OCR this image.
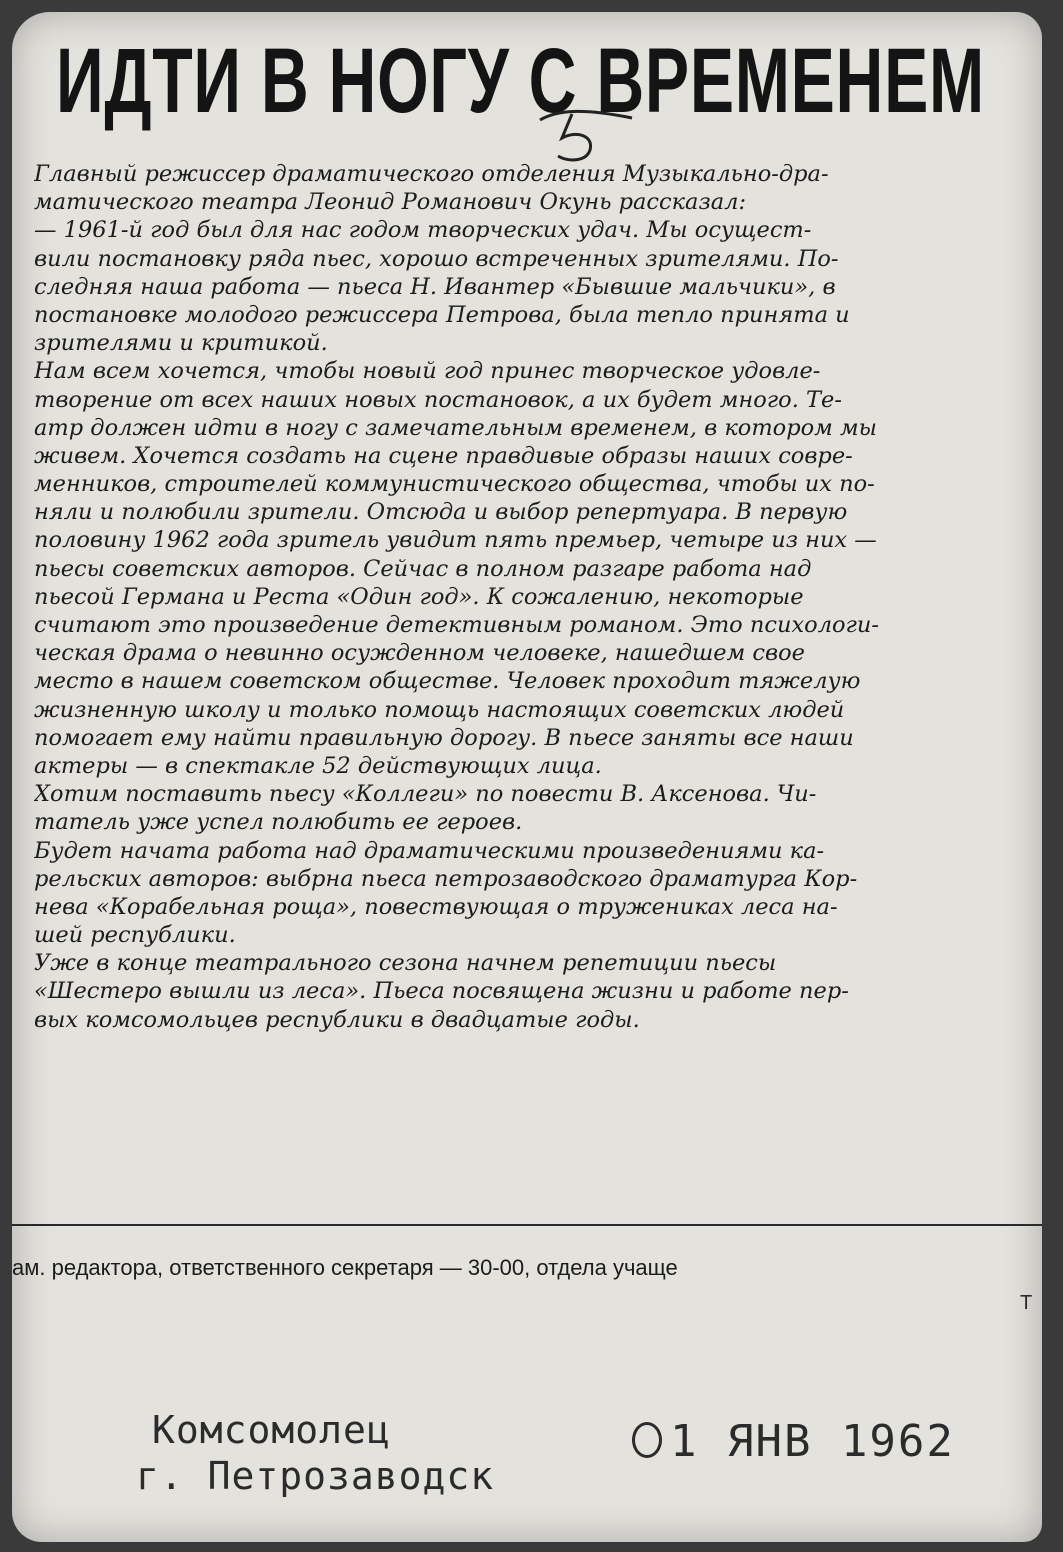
ИДТИ В НОГУ С ВРЕМЕНЕМ
Главный режиссер драматического отделения Музыкально-дра-
матического театра Леонид Романович Окунь рассказал:
— 1961-й год был для нас годом творческих удач. Мы осущест-
вили постановку ряда пьес, хорошо встреченных зрителями. По-
следняя наша работа — пьеса Н. Ивантер «Бывшие мальчики», в
постановке молодого режиссера Петрова, была тепло принята и
зрителями и критикой.
Нам всем хочется, чтобы новый год принес творческое удовле-
творение от всех наших новых постановок, а их будет много. Те-
атр должен идти в ногу с замечательным временем, в котором мы
живем. Хочется создать на сцене правдивые образы наших совре-
менников, строителей коммунистического общества, чтобы их по-
няли и полюбили зрители. Отсюда и выбор репертуара. В первую
половину 1962 года зритель увидит пять премьер, четыре из них —
пьесы советских авторов. Сейчас в полном разгаре работа над
пьесой Германа и Реста «Один год». К сожалению, некоторые
считают это произведение детективным романом. Это психологи-
ческая драма о невинно осужденном человеке, нашедшем свое
место в нашем советском обществе. Человек проходит тяжелую
жизненную школу и только помощь настоящих советских людей
помогает ему найти правильную дорогу. В пьесе заняты все наши
актеры — в спектакле 52 действующих лица.
Хотим поставить пьесу «Коллеги» по повести В. Аксенова. Чи-
татель уже успел полюбить ее героев.
Будет начата работа над драматическими произведениями ка-
рельских авторов: выбрна пьеса петрозаводского драматурга Кор-
нева «Корабельная роща», повествующая о тружениках леса на-
шей республики.
Уже в конце театрального сезона начнем репетиции пьесы
«Шестеро вышли из леса». Пьеса посвящена жизни и работе пер-
вых комсомольцев республики в двадцатые годы.
ам. редактора, ответственного секретаря — 30-00, отдела учаще
Т
Комсомолец
г. Петрозаводск
1 ЯНВ 1962
